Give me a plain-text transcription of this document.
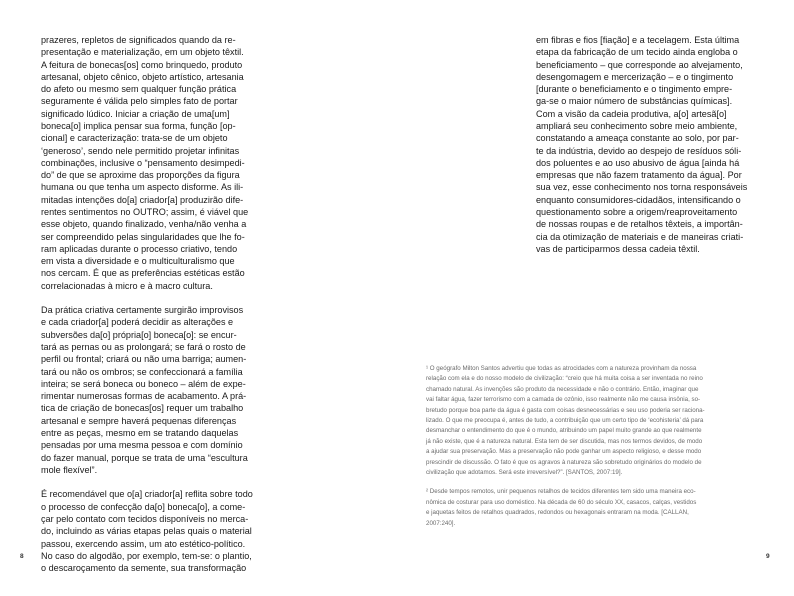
prazeres, repletos de significados quando da re-

presentação e materialização, em um objeto têxtil.

A feitura de bonecas[os] como brinquedo, produto

artesanal, objeto cênico, objeto artístico, artesania

do afeto ou mesmo sem qualquer função prática

seguramente é válida pelo simples fato de portar

significado lúdico. Iniciar a criação de uma[um]

boneca[o] implica pensar sua forma, função [op-

cional] e caracterização: trata-se de um objeto

‘generoso’, sendo nele permitido projetar infinitas

combinações, inclusive o “pensamento desimpedi-

do” de que se aproxime das proporções da figura

humana ou que tenha um aspecto disforme. As ili-

mitadas intenções do[a] criador[a] produzirão dife-

rentes sentimentos no OUTRO; assim, é viável que

esse objeto, quando finalizado, venha/não venha a

ser compreendido pelas singularidades que lhe fo-

ram aplicadas durante o processo criativo, tendo

em vista a diversidade e o multiculturalismo que

nos cercam. É que as preferências estéticas estão

correlacionadas à micro e à macro cultura.

Da prática criativa certamente surgirão improvisos

e cada criador[a] poderá decidir as alterações e

subversões da[o] própria[o] boneca[o]: se encur-

tará as pernas ou as prolongará; se fará o rosto de

perfil ou frontal; criará ou não uma barriga; aumen-

tará ou não os ombros; se confeccionará a família

inteira; se será boneca ou boneco – além de expe-

rimentar numerosas formas de acabamento. A prá-

tica de criação de bonecas[os] requer um trabalho

artesanal e sempre haverá pequenas diferenças

entre as peças, mesmo em se tratando daquelas

pensadas por uma mesma pessoa e com domínio

do fazer manual, porque se trata de uma “escultura

mole flexível”.

É recomendável que o[a] criador[a] reflita sobre todo

o processo de confecção da[o] boneca[o], a come-

çar pelo contato com tecidos disponíveis no merca-

do, incluindo as várias etapas pelas quais o material

passou, exercendo assim, um ato estético-político.

No caso do algodão, por exemplo, tem-se: o plantio,

o descaroçamento da semente, sua transformação

8

em fibras e fios [fiação] e a tecelagem. Esta última

etapa da fabricação de um tecido ainda engloba o

beneficiamento – que corresponde ao alvejamento,

desengomagem e mercerização – e o tingimento

[durante o beneficiamento e o tingimento empre-

ga-se o maior número de substâncias químicas].

Com a visão da cadeia produtiva, a[o] artesã[o]

ampliará seu conhecimento sobre meio ambiente,

constatando a ameaça constante ao solo, por par-

te da indústria, devido ao despejo de resíduos sóli-

dos poluentes e ao uso abusivo de água [ainda há

empresas que não fazem tratamento da água]. Por

sua vez, esse conhecimento nos torna responsáveis

enquanto consumidores-cidadãos, intensificando o

questionamento sobre a origem/reaproveitamento

de nossas roupas e de retalhos têxteis, a importân-

cia da otimização de materiais e de maneiras criati-

vas de participarmos dessa cadeia têxtil.

¹ O geógrafo Milton Santos advertiu que todas as atrocidades com a natureza provinham da nossa

relação com ela e do nosso modelo de civilização: “creio que há muita coisa a ser inventada no reino

chamado natural. As invenções são produto da necessidade e não o contrário. Então, imaginar que

vai faltar água, fazer terrorismo com a camada de ozônio, isso realmente não me causa insônia, so-

bretudo porque boa parte da água é gasta com coisas desnecessárias e seu uso poderia ser raciona-

lizado. O que me preocupa é, antes de tudo, a contribuição que um certo tipo de ‘ecohisteria’ dá para

desmanchar o entendimento do que é o mundo, atribuindo um papel muito grande ao que realmente

já não existe, que é a natureza natural. Esta tem de ser discutida, mas nos termos devidos, de modo

a ajudar sua preservação. Mas a preservação não pode ganhar um aspecto religioso, e desse modo

prescindir de discussão. O fato é que os agravos à natureza são sobretudo originários do modelo de

civilização que adotamos. Será este irreversível?”. [SANTOS, 2007:19].

² Desde tempos remotos, unir pequenos retalhos de tecidos diferentes tem sido uma maneira eco-

nômica de costurar para uso doméstico. Na década de 60 do século XX, casacos, calças, vestidos

e jaquetas feitos de retalhos quadrados, redondos ou hexagonais entraram na moda. [CALLAN,

2007:240].

9
